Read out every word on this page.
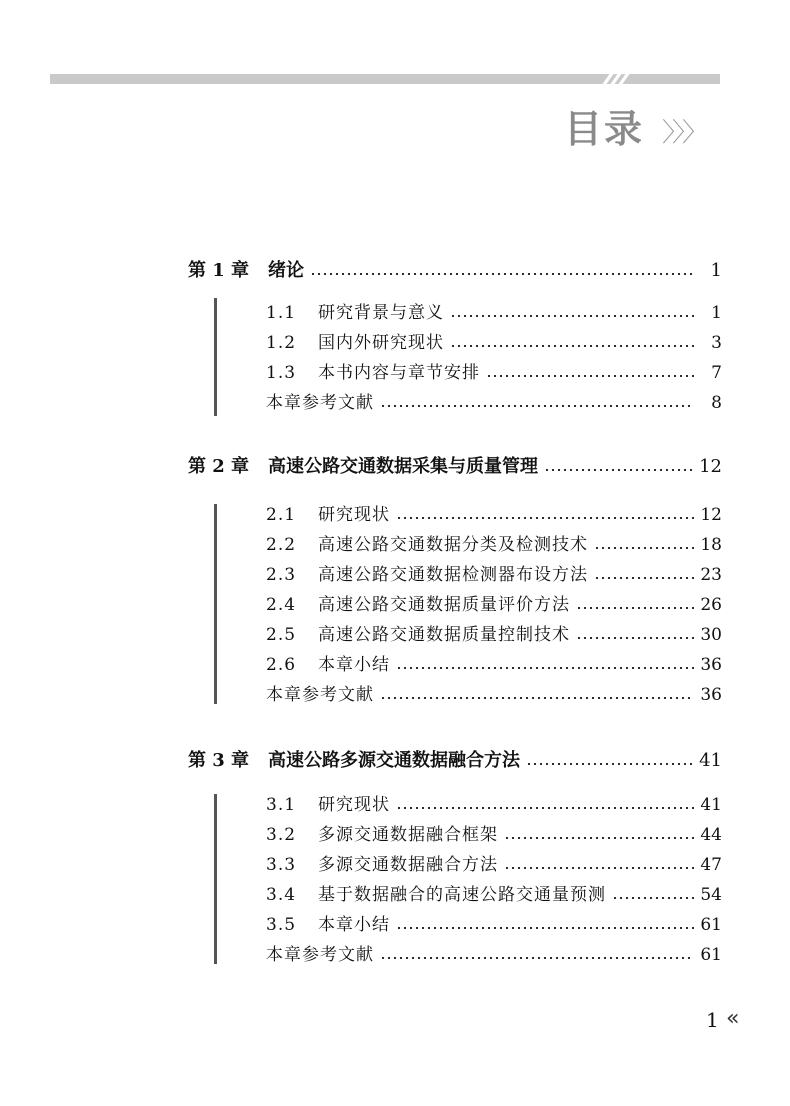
目录 〉〉〉
第 1 章	绪论	1
1.1	研究背景与意义	1
1.2	国内外研究现状	3
1.3	本书内容与章节安排	7
本章参考文献	8
第 2 章	高速公路交通数据采集与质量管理	12
2.1	研究现状	12
2.2	高速公路交通数据分类及检测技术	18
2.3	高速公路交通数据检测器布设方法	23
2.4	高速公路交通数据质量评价方法	26
2.5	高速公路交通数据质量控制技术	30
2.6	本章小结	36
本章参考文献	36
第 3 章	高速公路多源交通数据融合方法	41
3.1	研究现状	41
3.2	多源交通数据融合框架	44
3.3	多源交通数据融合方法	47
3.4	基于数据融合的高速公路交通量预测	54
3.5	本章小结	61
本章参考文献	61
1 «
